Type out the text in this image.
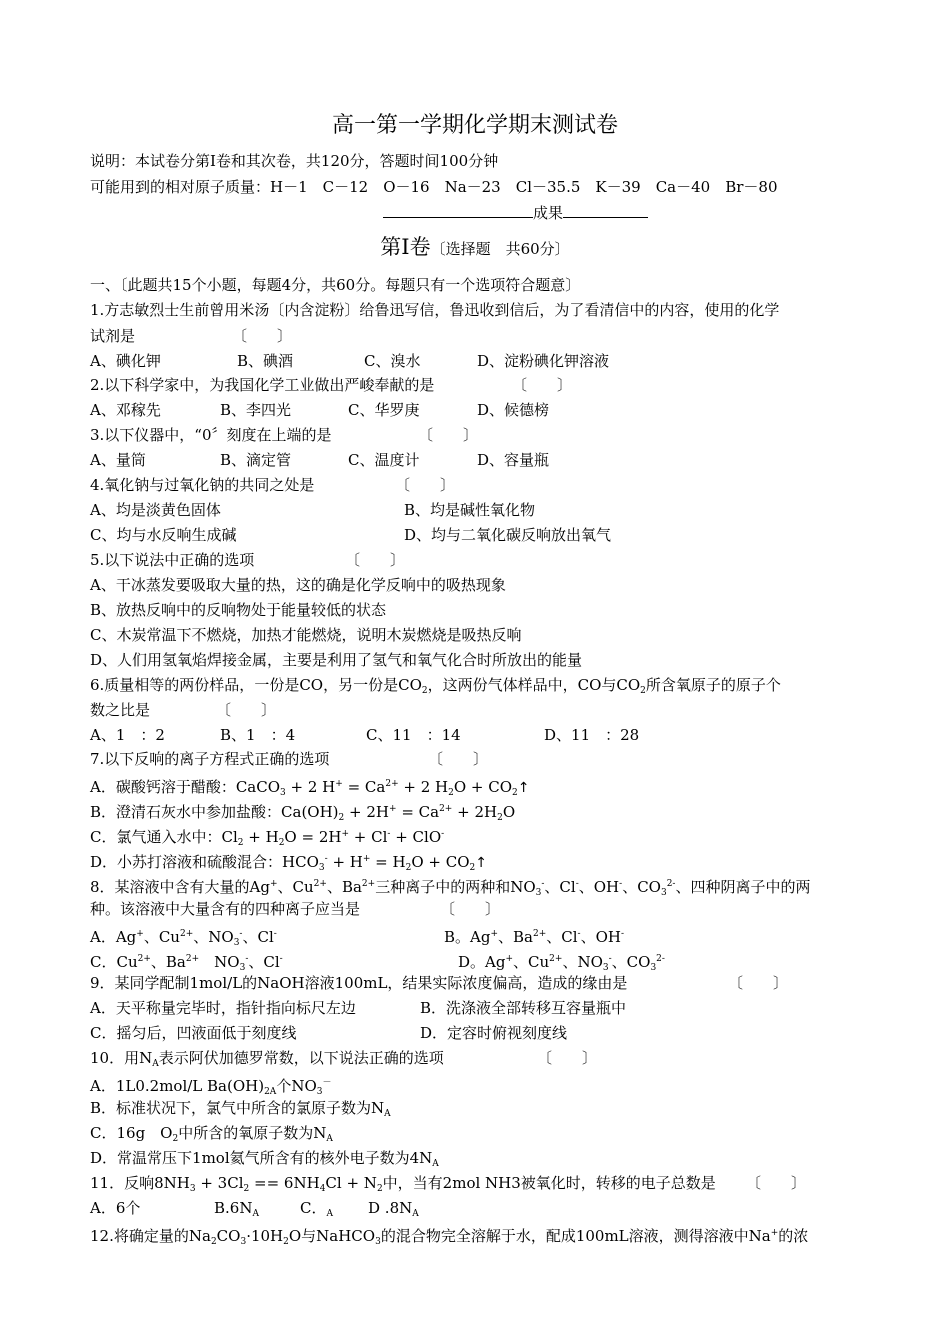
高一第一学期化学期末测试卷
说明：本试卷分第I卷和其次卷，共120分，答题时间100分钟
可能用到的相对原子质量：H－1　C－12　O－16　Na－23　Cl－35.5　K－39　Ca－40　Br－80
成果
第I卷〔选择题　共60分〕
一、〔此题共15个小题，每题4分，共60分。每题只有一个选项符合题意〕
1.方志敏烈士生前曾用米汤〔内含淀粉〕给鲁迅写信，鲁迅收到信后，为了看清信中的内容，使用的化学
试剂是	〔　　〕
A、碘化钾	B、碘酒	C、溴水	D、淀粉碘化钾溶液
2.以下科学家中，为我国化学工业做出严峻奉献的是	〔　　〕
A、邓稼先	B、李四光	C、华罗庚	D、候德榜
3.以下仪器中，“0〞刻度在上端的是	〔　　〕
A、量筒	B、滴定管	C、温度计	D、容量瓶
4.氧化钠与过氧化钠的共同之处是	〔　　〕
A、均是淡黄色固体	B、均是碱性氧化物
C、均与水反响生成碱	D、均与二氧化碳反响放出氧气
5.以下说法中正确的选项	〔　　〕
A、干冰蒸发要吸取大量的热，这的确是化学反响中的吸热现象
B、放热反响中的反响物处于能量较低的状态
C、木炭常温下不燃烧，加热才能燃烧，说明木炭燃烧是吸热反响
D、人们用氢氧焰焊接金属，主要是利用了氢气和氧气化合时所放出的能量
6.质量相等的两份样品，一份是CO，另一份是$CO_2$，这两份气体样品中，CO与$CO_2$所含氧原子的原子个
数之比是	〔　　〕
A、1　：2	B、1　：4	C、11　：14	D、11　：28
7.以下反响的离子方程式正确的选项	〔　　〕
A．碳酸钙溶于醋酸：CaCO$_3$ + 2 $H^+ = Ca^{2+} + 2$ $H_2O$ + $CO_2↑$
B．澄清石灰水中参加盐酸：$Ca(OH)_2 + 2H^+ = Ca^{2+} + 2H_2O$
C．氯气通入水中：$Cl_2 + H_2O = 2H^+ + Cl^- + ClO^-$
D．小苏打溶液和硫酸混合：$HCO_3^- + H^+ = H_2O$ + $CO_2↑$
8．某溶液中含有大量的Ag+、$Cu^{2+}$、$Ba^{2+}$三种离子中的两种和$NO_3^-$、Cl-、OH-、$CO_3^{2-}$、四种阴离子中的两
种。该溶液中大量含有的四种离子应当是	〔　　〕
A．Ag+、$Cu^{2+}$、$NO_3^-$、Cl-	B。Ag+、$Ba^{2+}$、Cl-、OH-
C．$Cu^{2+}$、$Ba^{2+}$　 $NO_3^-$、Cl-	D。Ag+、$Cu^{2+}$、$NO_3^-$、$CO_3^{2-}$
9．某同学配制1mol/L的NaOH溶液100mL，结果实际浓度偏高，造成的缘由是	〔　　〕
A．天平称量完毕时，指针指向标尺左边	B．洗涤液全部转移互容量瓶中
C．摇匀后，凹液面低于刻度线	D．定容时俯视刻度线
10．用$N_A$表示阿伏加德罗常数，以下说法正确的选项	〔　　〕
A．1L0.2mol/L $Ba(OH)_{2A}$个$NO_3^-$
B．标准状况下，氯气中所含的氯原子数为$N_A$
C．16g　$O_2$中所含的氧原子数为$N_A$
D．常温常压下1mol氦气所含有的核外电子数为$4N_A$
11．反响$8NH_3 + 3Cl_2 == 6NH_4Cl + N_2$中，当有2mol NH3被氧化时，转移的电子总数是 〔　　〕
A．6个	$B.6N_A$	C．$_A$ D $.8N_A$
12.将确定量的$Na_2CO_3\cdot 10H_2O$与NaHCO$_3$的混合物完全溶解于水，配成100mL溶液，测得溶液中Na+的浓
